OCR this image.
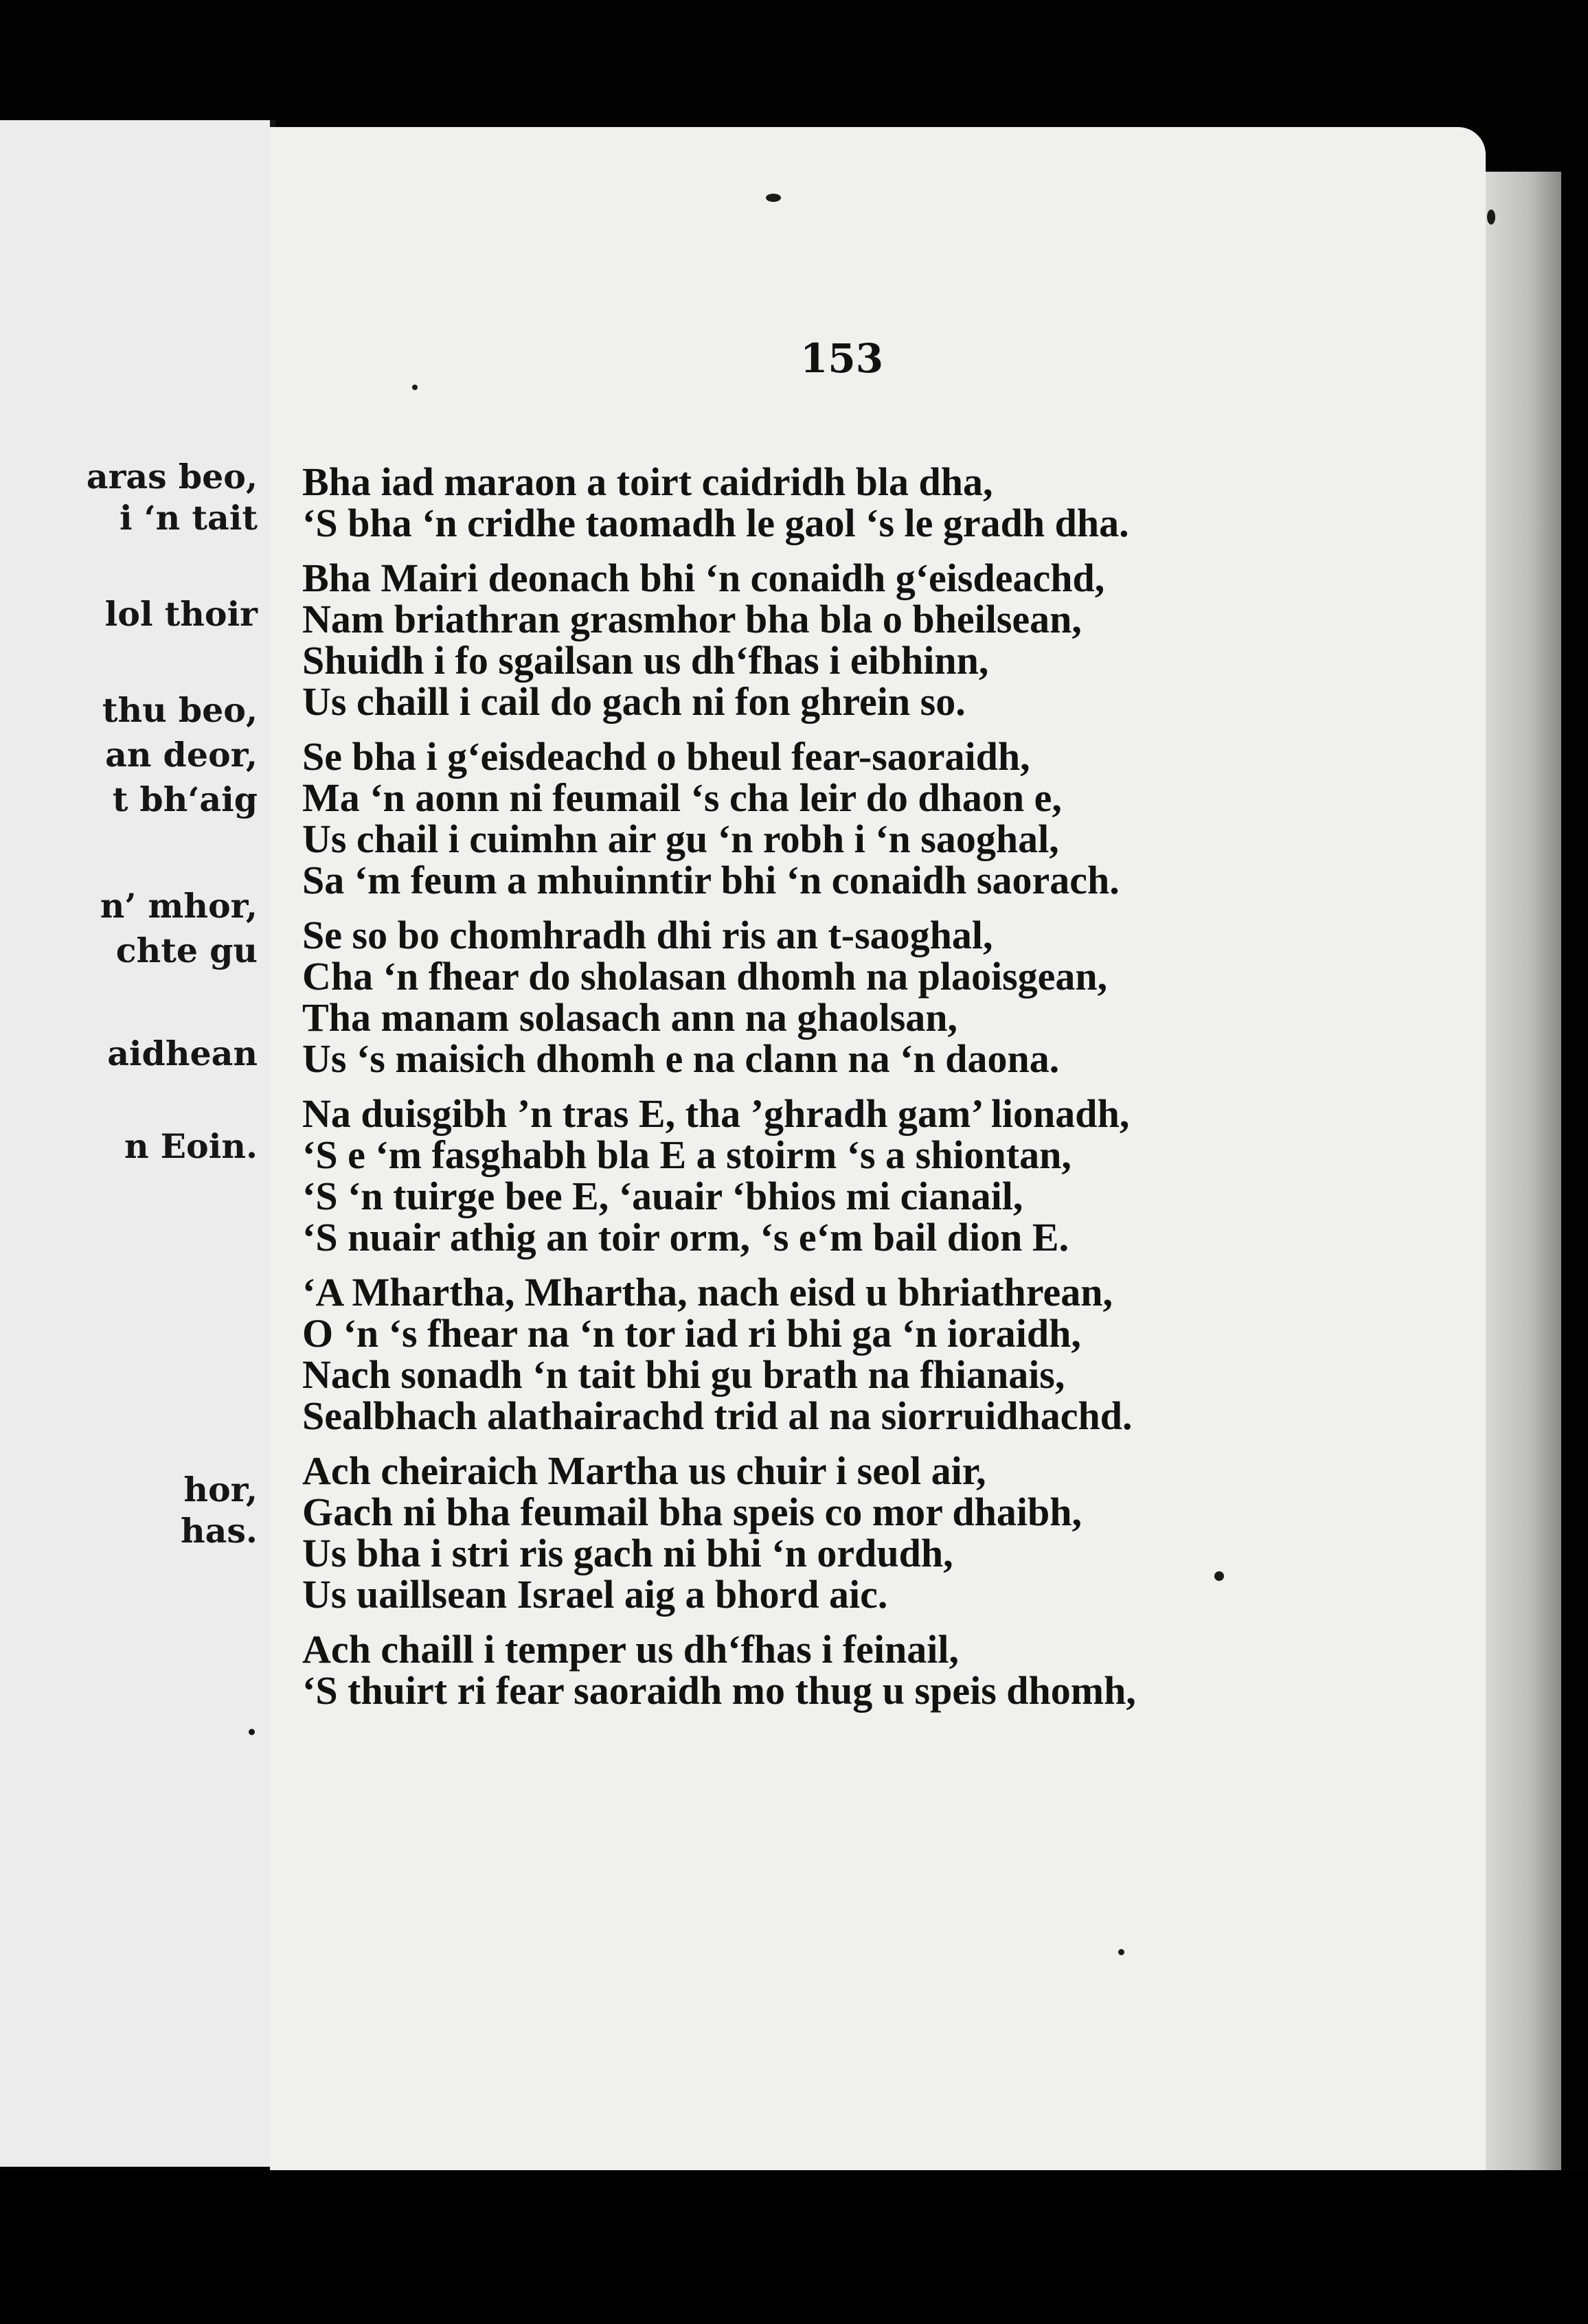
aras beo,
i ‘n tait
lol thoir
thu beo,
an deor,
t bh‘aig
n’ mhor,
chte gu
aidhean
n Eoin.
hor,
has.
.
153
Bha iad maraon a toirt caidridh bla dha,
‘S bha ‘n cridhe taomadh le gaol ‘s le gradh dha.
Bha Mairi deonach bhi ‘n conaidh g‘eisdeachd,
Nam briathran grasmhor bha bla o bheilsean,
Shuidh i fo sgailsan us dh‘fhas i eibhinn,
Us chaill i cail do gach ni fon ghrein so.
Se bha i g‘eisdeachd o bheul fear-saoraidh,
Ma ‘n aonn ni feumail ‘s cha leir do dhaon e,
Us chail i cuimhn air gu ‘n robh i ‘n saoghal,
Sa ‘m feum a mhuinntir bhi ‘n conaidh saorach.
Se so bo chomhradh dhi ris an t-saoghal,
Cha ‘n fhear do sholasan dhomh na plaoisgean,
Tha manam solasach ann na ghaolsan,
Us ‘s maisich dhomh e na clann na ‘n daona.
Na duisgibh ’n tras E, tha ’ghradh gam’ lionadh,
‘S e ‘m fasghabh bla E a stoirm ‘s a shiontan,
‘S ‘n tuirge bee E, ‘auair ‘bhios mi cianail,
‘S nuair athig an toir orm, ‘s e‘m bail dion E.
‘A Mhartha, Mhartha, nach eisd u bhriathrean,
O ‘n ‘s fhear na ‘n tor iad ri bhi ga ‘n ioraidh,
Nach sonadh ‘n tait bhi gu brath na fhianais,
Sealbhach alathairachd trid al na siorruidhachd.
Ach cheiraich Martha us chuir i seol air,
Gach ni bha feumail bha speis co mor dhaibh,
Us bha i stri ris gach ni bhi ‘n ordudh,
Us uaillsean Israel aig a bhord aic.
Ach chaill i temper us dh‘fhas i feinail,
‘S thuirt ri fear saoraidh mo thug u speis dhomh,
